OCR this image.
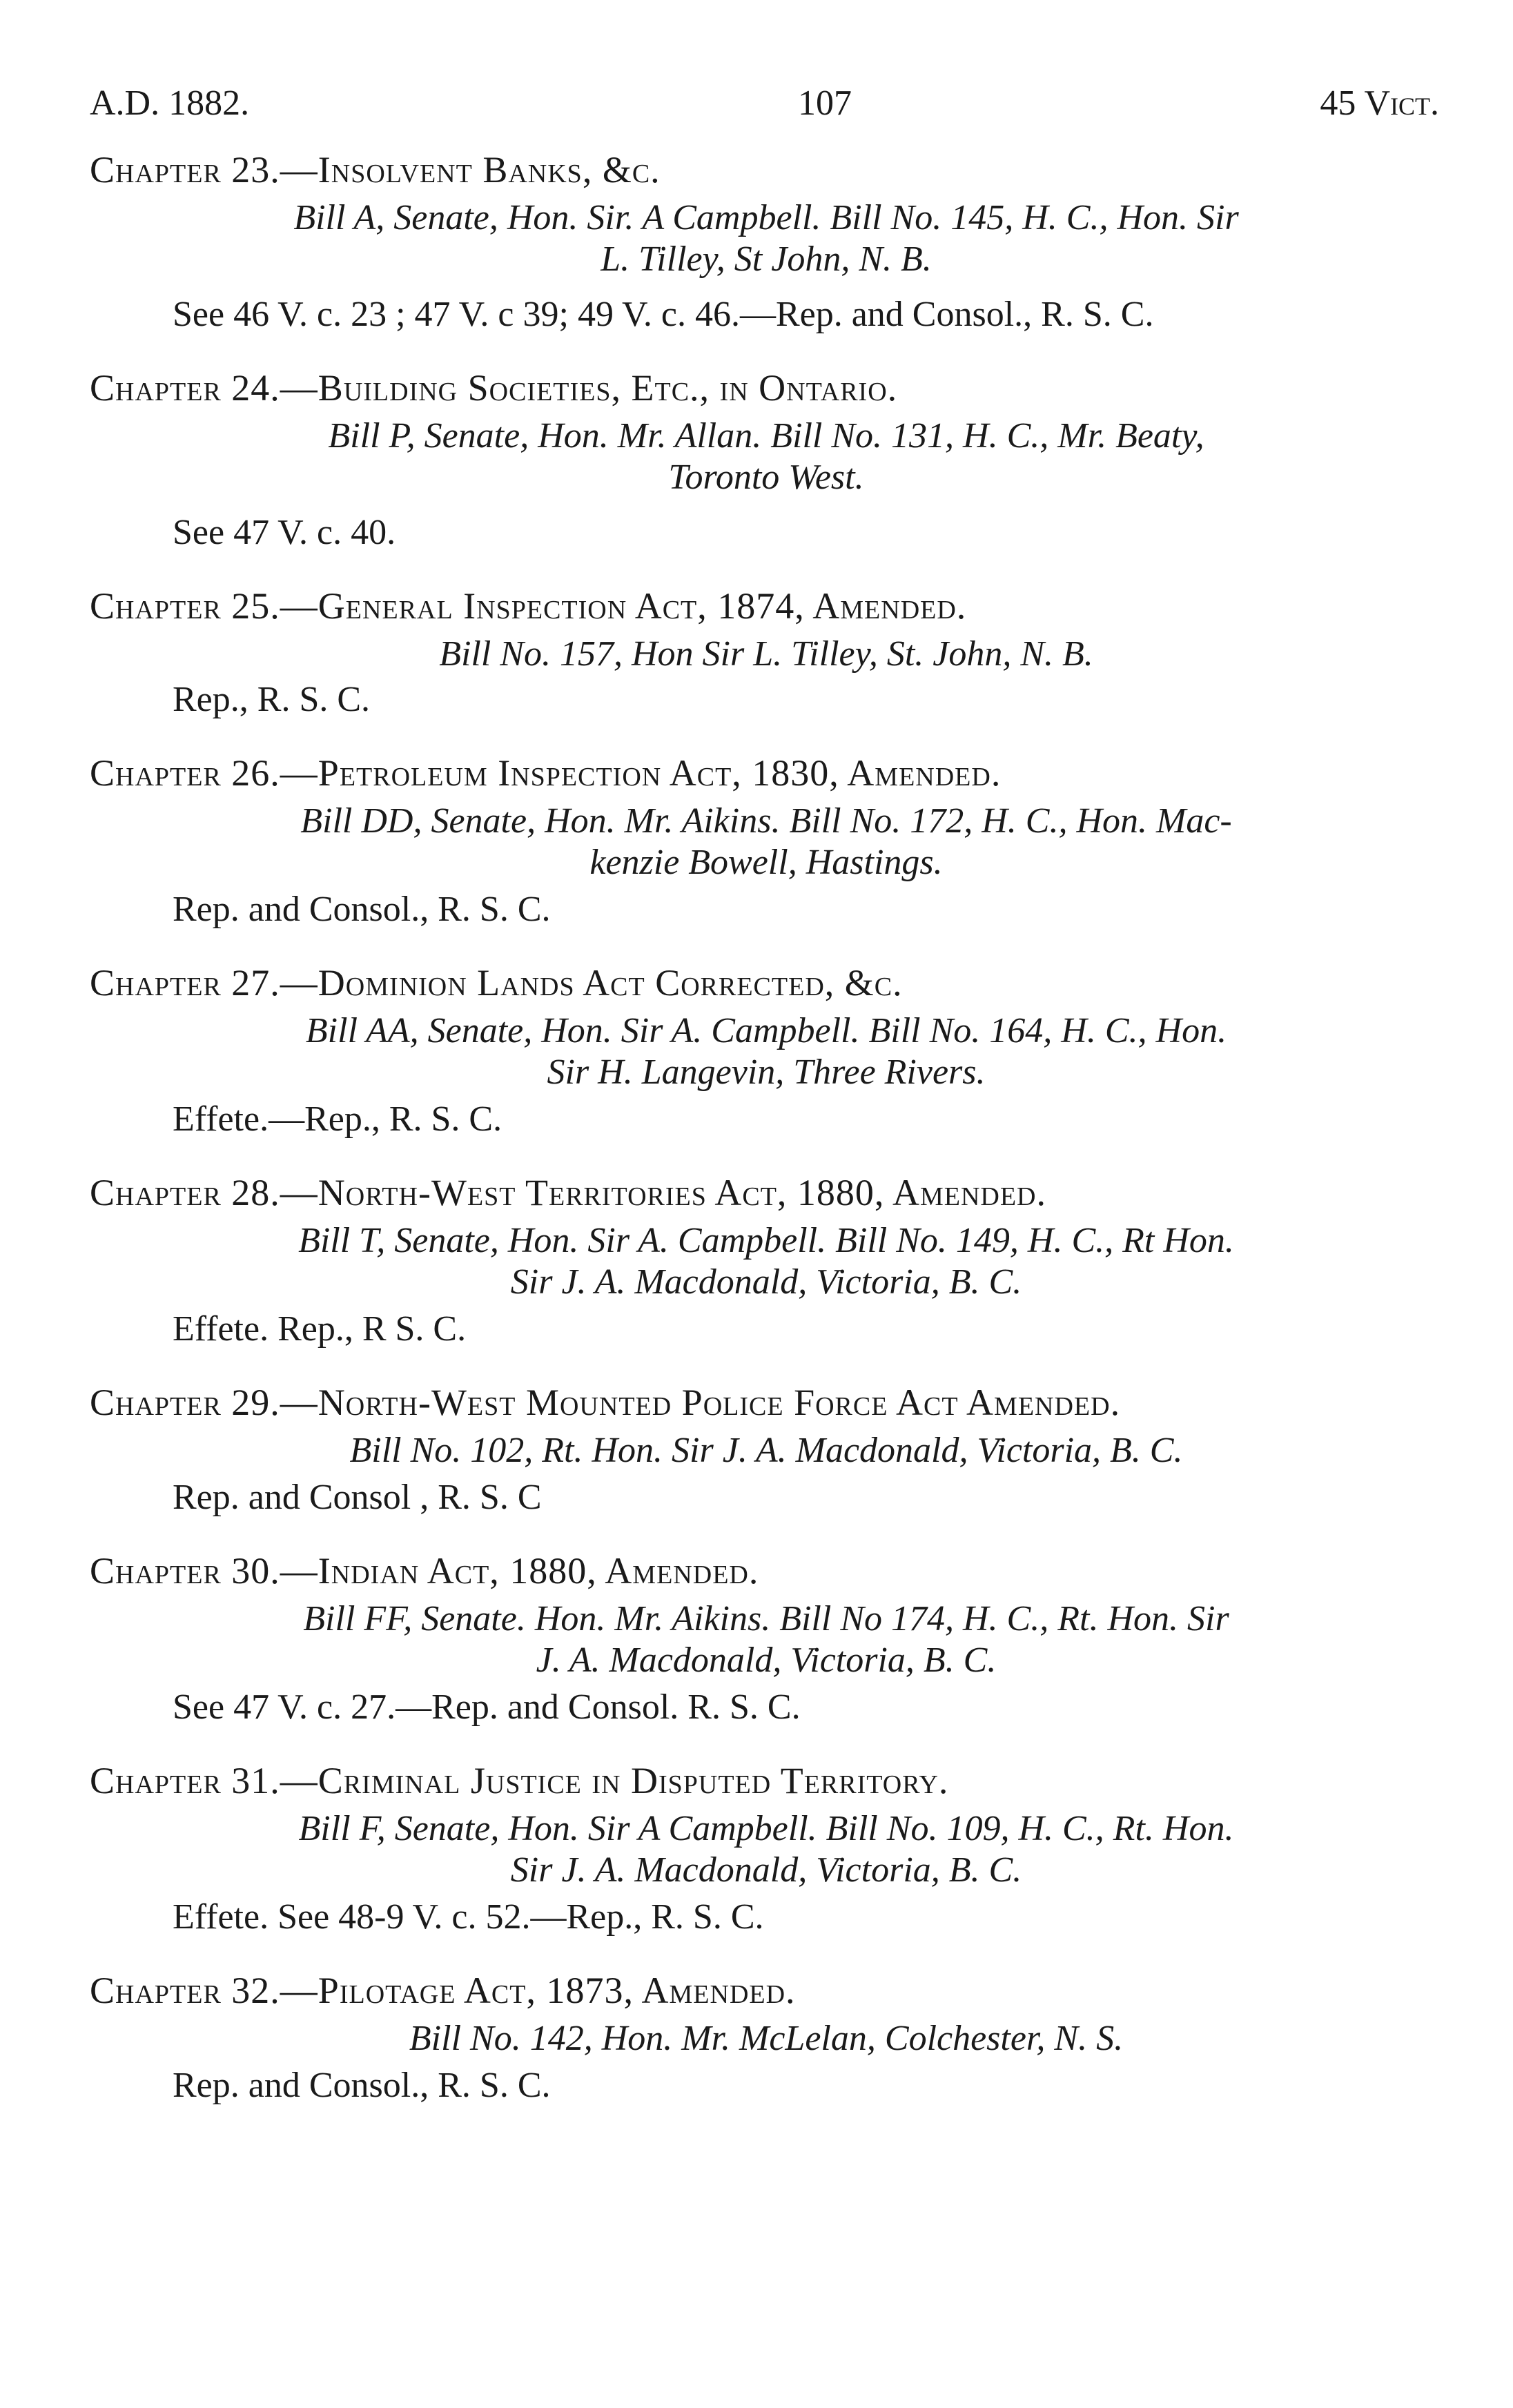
A.D. 1882.	107	45 Vict.
Chapter 23.—Insolvent Banks, &c.
Bill A, Senate, Hon. Sir. A Campbell. Bill No. 145, H. C., Hon. Sir
L. Tilley, St John, N. B.
See 46 V. c. 23 ; 47 V. c 39; 49 V. c. 46.—Rep. and Consol., R. S. C.
Chapter 24.—Building Societies, Etc., in Ontario.
Bill P, Senate, Hon. Mr. Allan. Bill No. 131, H. C., Mr. Beaty,
Toronto West.
See 47 V. c. 40.
Chapter 25.—General Inspection Act, 1874, Amended.
Bill No. 157, Hon Sir L. Tilley, St. John, N. B.
Rep., R. S. C.
Chapter 26.—Petroleum Inspection Act, 1830, Amended.
Bill DD, Senate, Hon. Mr. Aikins. Bill No. 172, H. C., Hon. Mac-
kenzie Bowell, Hastings.
Rep. and Consol., R. S. C.
Chapter 27.—Dominion Lands Act Corrected, &c.
Bill AA, Senate, Hon. Sir A. Campbell. Bill No. 164, H. C., Hon.
Sir H. Langevin, Three Rivers.
Effete.—Rep., R. S. C.
Chapter 28.—North-West Territories Act, 1880, Amended.
Bill T, Senate, Hon. Sir A. Campbell. Bill No. 149, H. C., Rt Hon.
Sir J. A. Macdonald, Victoria, B. C.
Effete. Rep., R S. C.
Chapter 29.—North-West Mounted Police Force Act Amended.
Bill No. 102, Rt. Hon. Sir J. A. Macdonald, Victoria, B. C.
Rep. and Consol , R. S. C
Chapter 30.—Indian Act, 1880, Amended.
Bill FF, Senate. Hon. Mr. Aikins. Bill No 174, H. C., Rt. Hon. Sir
J. A. Macdonald, Victoria, B. C.
See 47 V. c. 27.—Rep. and Consol. R. S. C.
Chapter 31.—Criminal Justice in Disputed Territory.
Bill F, Senate, Hon. Sir A Campbell. Bill No. 109, H. C., Rt. Hon.
Sir J. A. Macdonald, Victoria, B. C.
Effete. See 48-9 V. c. 52.—Rep., R. S. C.
Chapter 32.—Pilotage Act, 1873, Amended.
Bill No. 142, Hon. Mr. McLelan, Colchester, N. S.
Rep. and Consol., R. S. C.
